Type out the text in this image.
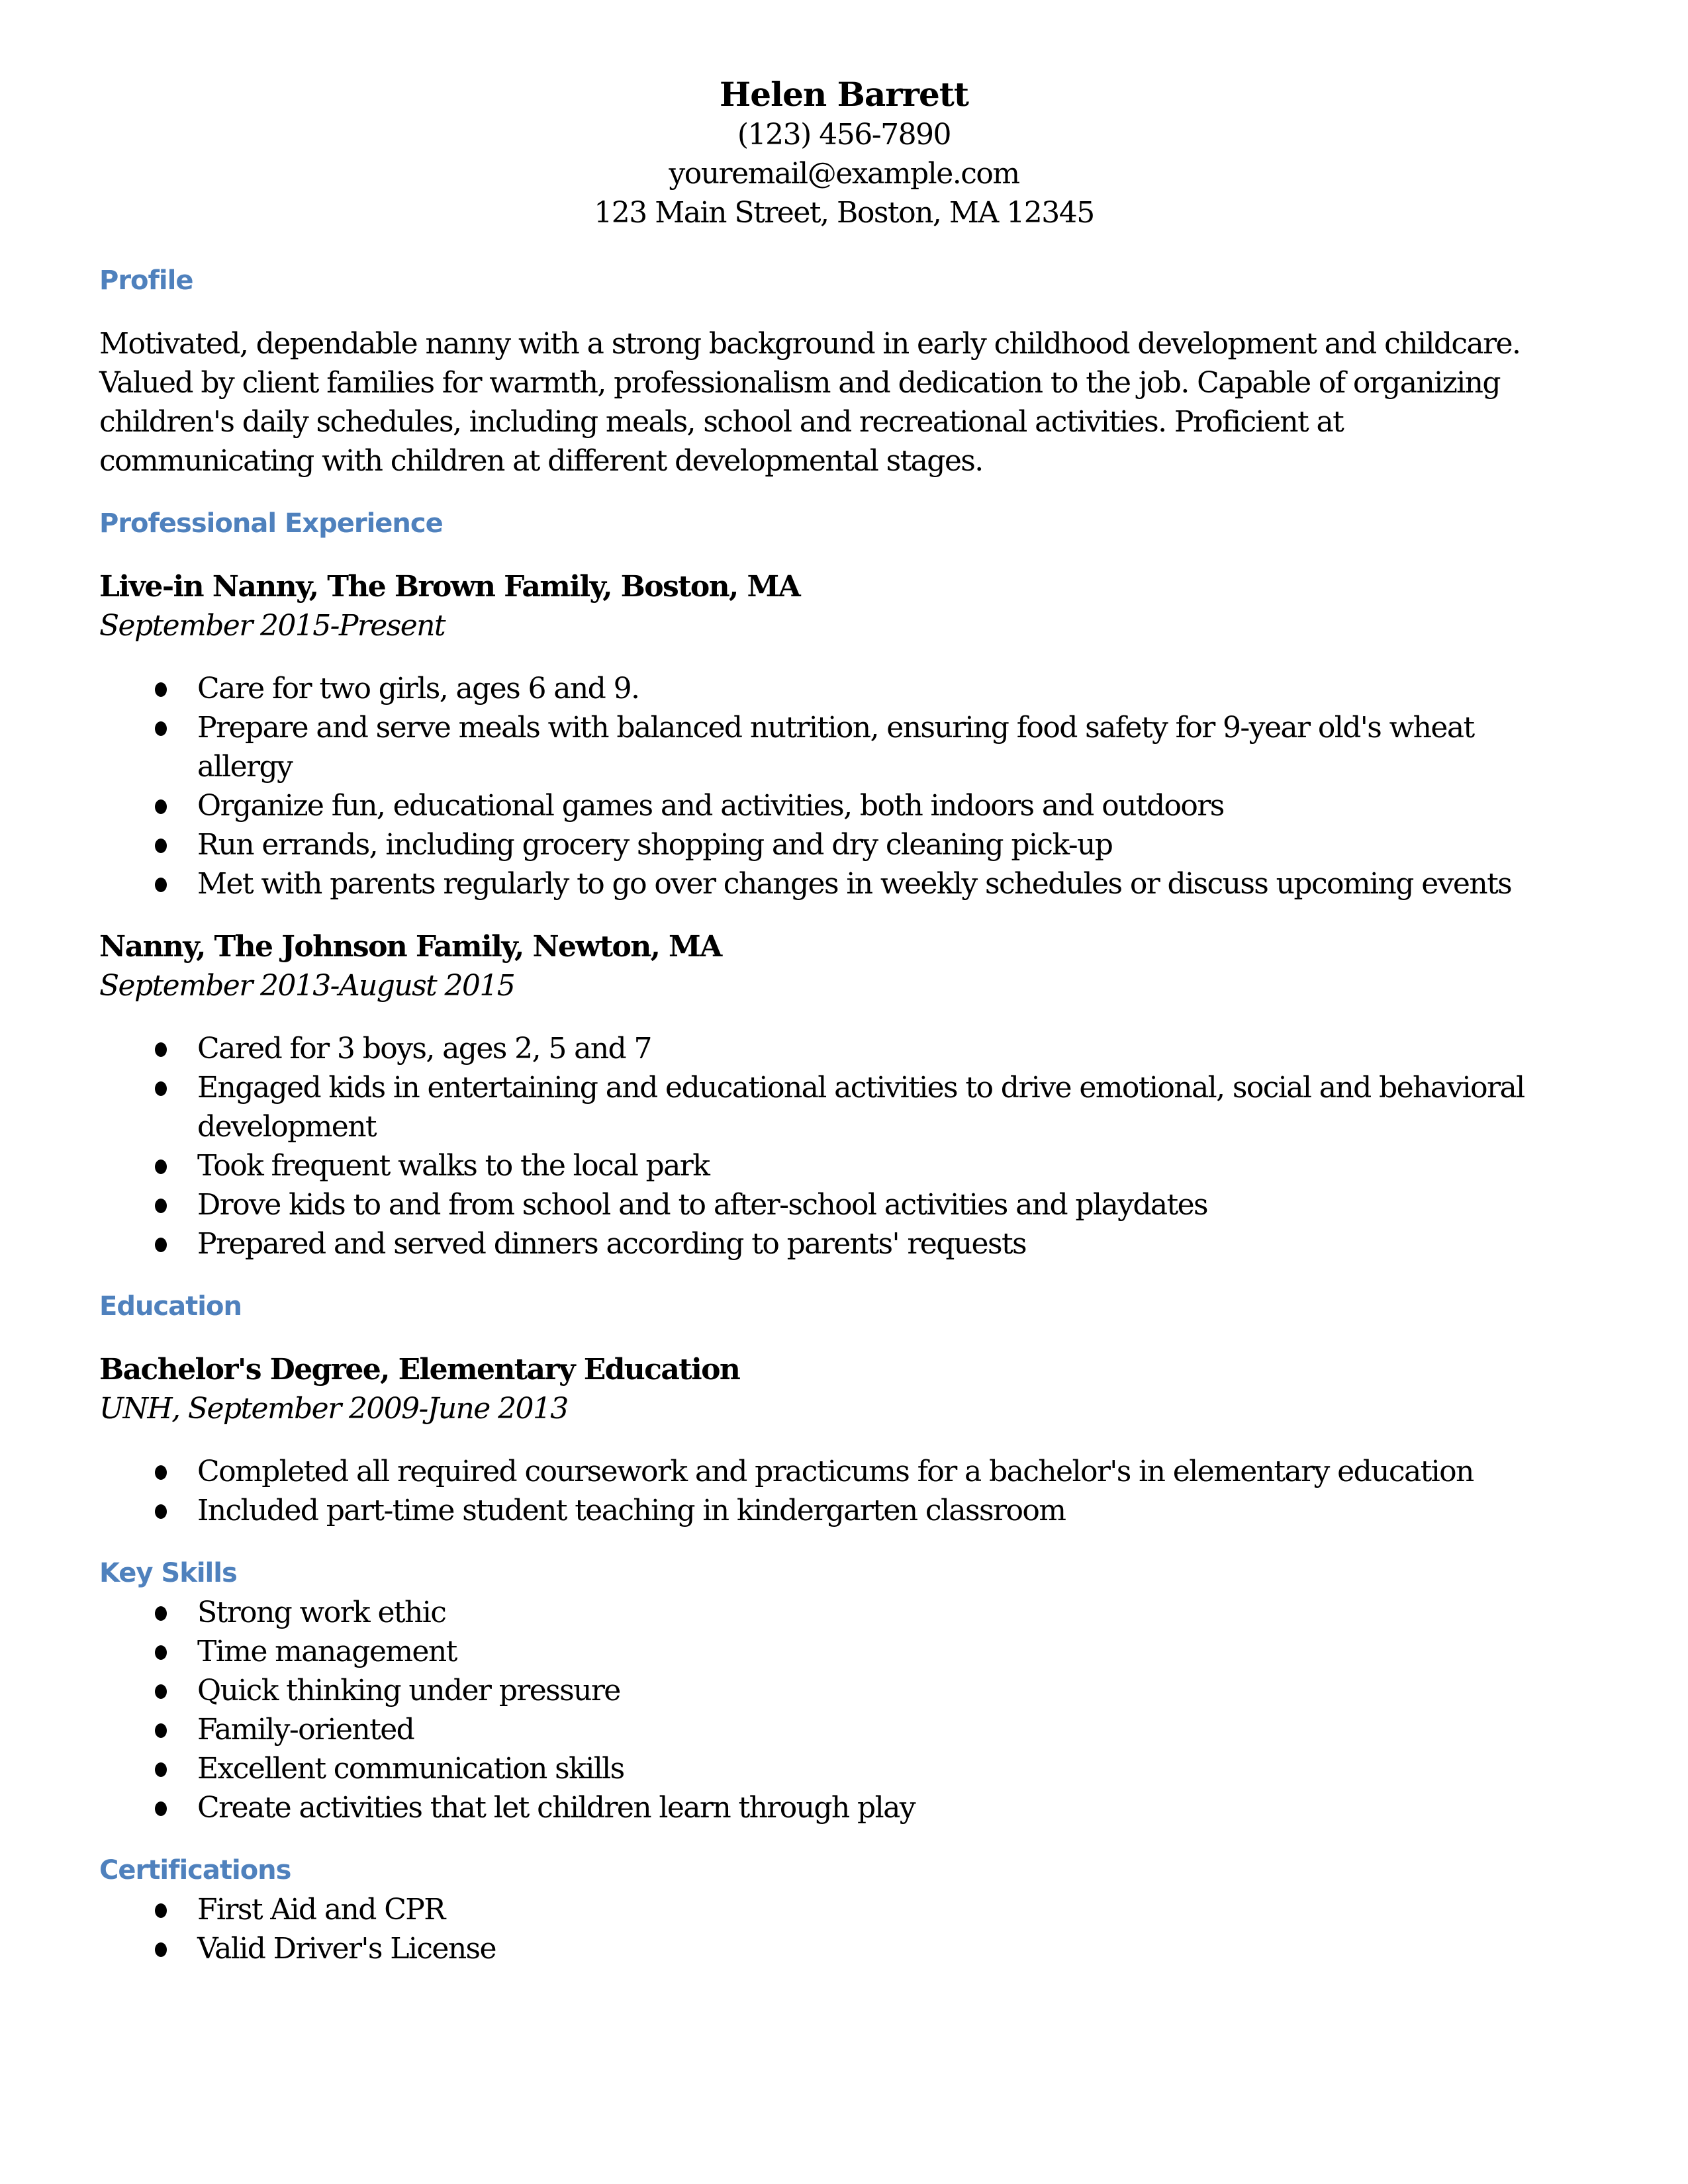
Helen Barrett
(123) 456-7890
youremail@example.com
123 Main Street, Boston, MA 12345
Profile

Motivated, dependable nanny with a strong background in early childhood development and childcare. Valued by client families for warmth, professionalism and dedication to the job. Capable of organizing children's daily schedules, including meals, school and recreational activities. Proficient at communicating with children at different developmental stages.

Professional Experience
Live-in Nanny, The Brown Family, Boston, MA
September 2015-Present
Care for two girls, ages 6 and 9.
Prepare and serve meals with balanced nutrition, ensuring food safety for 9-year old's wheat allergy
Organize fun, educational games and activities, both indoors and outdoors
Run errands, including grocery shopping and dry cleaning pick-up
Met with parents regularly to go over changes in weekly schedules or discuss upcoming events
Nanny, The Johnson Family, Newton, MA
September 2013-August 2015
Cared for 3 boys, ages 2, 5 and 7
Engaged kids in entertaining and educational activities to drive emotional, social and behavioral development
Took frequent walks to the local park
Drove kids to and from school and to after-school activities and playdates
Prepared and served dinners according to parents' requests
Education
Bachelor's Degree, Elementary Education
UNH, September 2009-June 2013
Completed all required coursework and practicums for a bachelor's in elementary education
Included part-time student teaching in kindergarten classroom
Key Skills
Strong work ethic
Time management
Quick thinking under pressure
Family-oriented
Excellent communication skills
Create activities that let children learn through play
Certifications
First Aid and CPR
Valid Driver's License
